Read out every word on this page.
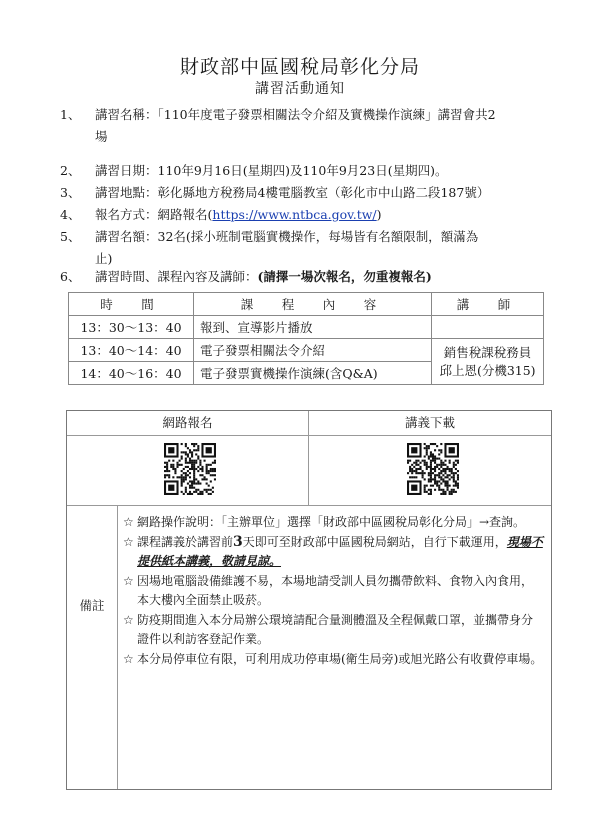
財政部中區國稅局彰化分局
講習活動通知
1、 講習名稱：「110年度電子發票相關法令介紹及實機操作演練」講習會共2
場
2、 講習日期：110年9月16日(星期四)及110年9月23日(星期四)。
3、 講習地點：彰化縣地方稅務局4樓電腦教室（彰化市中山路二段187號）
4、 報名方式：網路報名(https://www.ntbca.gov.tw/)
5、 講習名額：32名(採小班制電腦實機操作，每場皆有名額限制，額滿為
止)
6、 講習時間、課程內容及講師：(請擇一場次報名，勿重複報名)
時　間	課　程　內　容	講　師
13：30～13：40	報到、宣導影片播放	
13：40～14：40	電子發票相關法令介紹	銷售稅課稅務員
邱上恩(分機315)
14：40～16：40	電子發票實機操作演練(含Q&A)	
網路報名	講義下載
備註
☆ 網路操作說明：「主辦單位」選擇「財政部中區國稅局彰化分局」→查詢。
☆ 課程講義於講習前3天即可至財政部中區國稅局網站，自行下載運用，現場不提供紙本講義，敬請見諒。
☆ 因場地電腦設備維護不易，本場地請受訓人員勿攜帶飲料、食物入內食用，本大樓內全面禁止吸菸。
☆ 防疫期間進入本分局辦公環境請配合量測體溫及全程佩戴口罩，並攜帶身分證件以利訪客登記作業。
☆ 本分局停車位有限，可利用成功停車場(衛生局旁)或旭光路公有收費停車場。
